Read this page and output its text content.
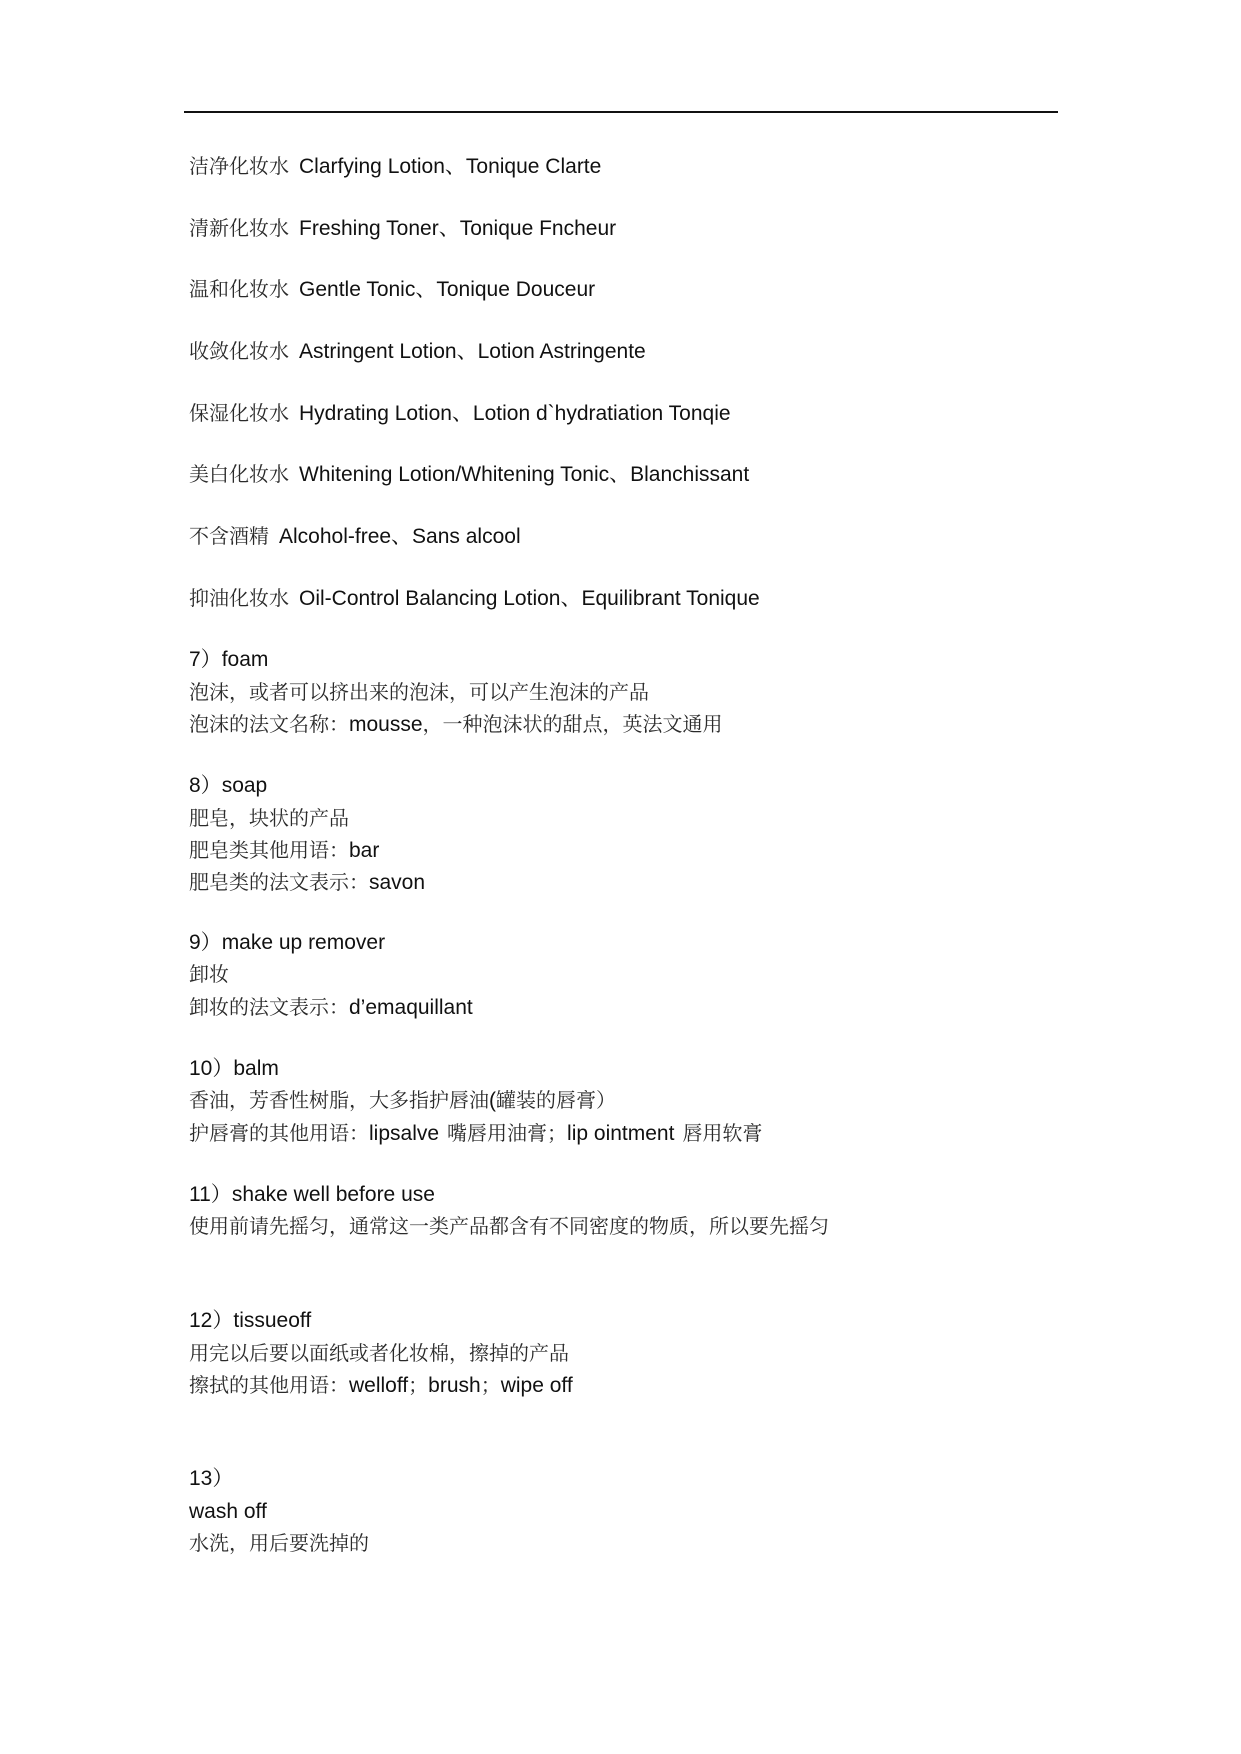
洁净化妆水 Clarfying Lotion、Tonique Clarte
清新化妆水 Freshing Toner、Tonique Fncheur
温和化妆水 Gentle Tonic、Tonique Douceur
收敛化妆水 Astringent Lotion、Lotion Astringente
保湿化妆水 Hydrating Lotion、Lotion d`hydratiation Tonqie
美白化妆水 Whitening Lotion/Whitening Tonic、Blanchissant
不含酒精 Alcohol-free、Sans alcool
抑油化妆水 Oil-Control Balancing Lotion、Equilibrant Tonique
7）foam
泡沫，或者可以挤出来的泡沫，可以产生泡沫的产品
泡沫的法文名称：mousse，一种泡沫状的甜点，英法文通用
8）soap
肥皂，块状的产品
肥皂类其他用语：bar
肥皂类的法文表示：savon
9）make up remover
卸妆
卸妆的法文表示：d’emaquillant
10）balm
香油，芳香性树脂，大多指护唇油(罐装的唇膏）
护唇膏的其他用语：lipsalve 嘴唇用油膏；lip ointment 唇用软膏
11）shake well before use
使用前请先摇匀，通常这一类产品都含有不同密度的物质，所以要先摇匀
12）tissueoff
用完以后要以面纸或者化妆棉，擦掉的产品
擦拭的其他用语：welloff；brush；wipe off
13）
wash off
水洗，用后要洗掉的
